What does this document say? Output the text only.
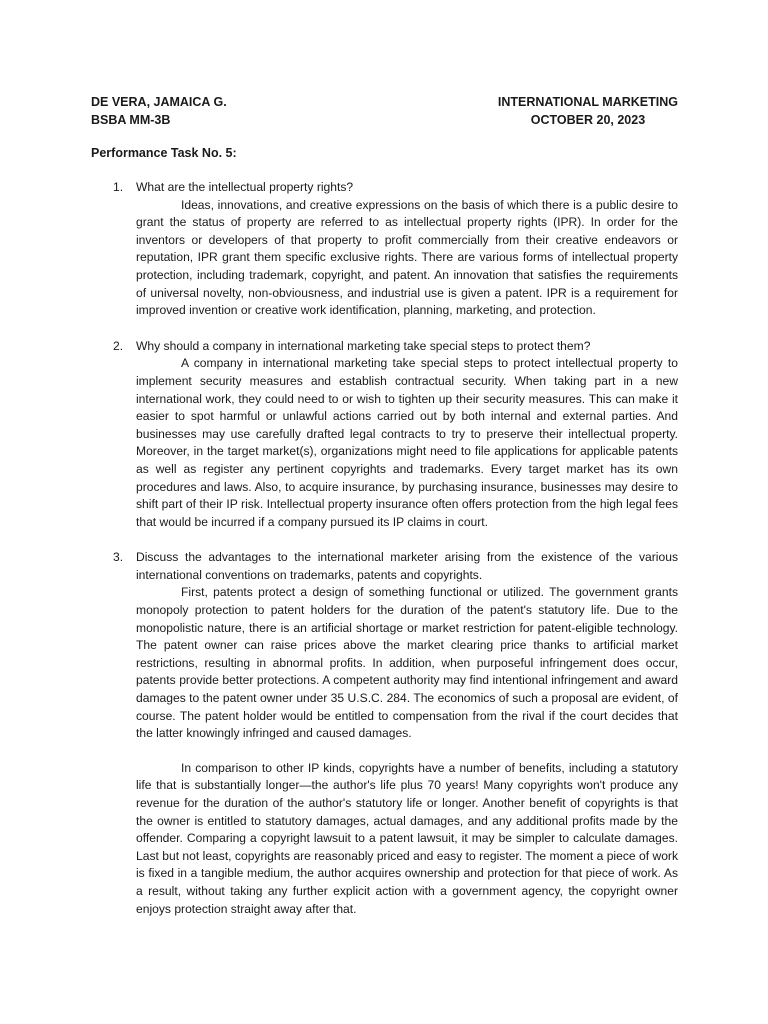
DE VERA, JAMAICA G.
BSBA MM-3B
INTERNATIONAL MARKETING
OCTOBER 20, 2023
Performance Task No. 5:
1. What are the intellectual property rights?

Ideas, innovations, and creative expressions on the basis of which there is a public desire to grant the status of property are referred to as intellectual property rights (IPR). In order for the inventors or developers of that property to profit commercially from their creative endeavors or reputation, IPR grant them specific exclusive rights. There are various forms of intellectual property protection, including trademark, copyright, and patent. An innovation that satisfies the requirements of universal novelty, non-obviousness, and industrial use is given a patent. IPR is a requirement for improved invention or creative work identification, planning, marketing, and protection.

2. Why should a company in international marketing take special steps to protect them?

A company in international marketing take special steps to protect intellectual property to implement security measures and establish contractual security. When taking part in a new international work, they could need to or wish to tighten up their security measures. This can make it easier to spot harmful or unlawful actions carried out by both internal and external parties. And businesses may use carefully drafted legal contracts to try to preserve their intellectual property. Moreover, in the target market(s), organizations might need to file applications for applicable patents as well as register any pertinent copyrights and trademarks. Every target market has its own procedures and laws. Also, to acquire insurance, by purchasing insurance, businesses may desire to shift part of their IP risk. Intellectual property insurance often offers protection from the high legal fees that would be incurred if a company pursued its IP claims in court.

3. Discuss the advantages to the international marketer arising from the existence of the various international conventions on trademarks, patents and copyrights.

First, patents protect a design of something functional or utilized. The government grants monopoly protection to patent holders for the duration of the patent's statutory life. Due to the monopolistic nature, there is an artificial shortage or market restriction for patent-eligible technology. The patent owner can raise prices above the market clearing price thanks to artificial market restrictions, resulting in abnormal profits. In addition, when purposeful infringement does occur, patents provide better protections. A competent authority may find intentional infringement and award damages to the patent owner under 35 U.S.C. 284. The economics of such a proposal are evident, of course. The patent holder would be entitled to compensation from the rival if the court decides that the latter knowingly infringed and caused damages.

In comparison to other IP kinds, copyrights have a number of benefits, including a statutory life that is substantially longer—the author's life plus 70 years! Many copyrights won't produce any revenue for the duration of the author's statutory life or longer. Another benefit of copyrights is that the owner is entitled to statutory damages, actual damages, and any additional profits made by the offender. Comparing a copyright lawsuit to a patent lawsuit, it may be simpler to calculate damages. Last but not least, copyrights are reasonably priced and easy to register. The moment a piece of work is fixed in a tangible medium, the author acquires ownership and protection for that piece of work. As a result, without taking any further explicit action with a government agency, the copyright owner enjoys protection straight away after that.
